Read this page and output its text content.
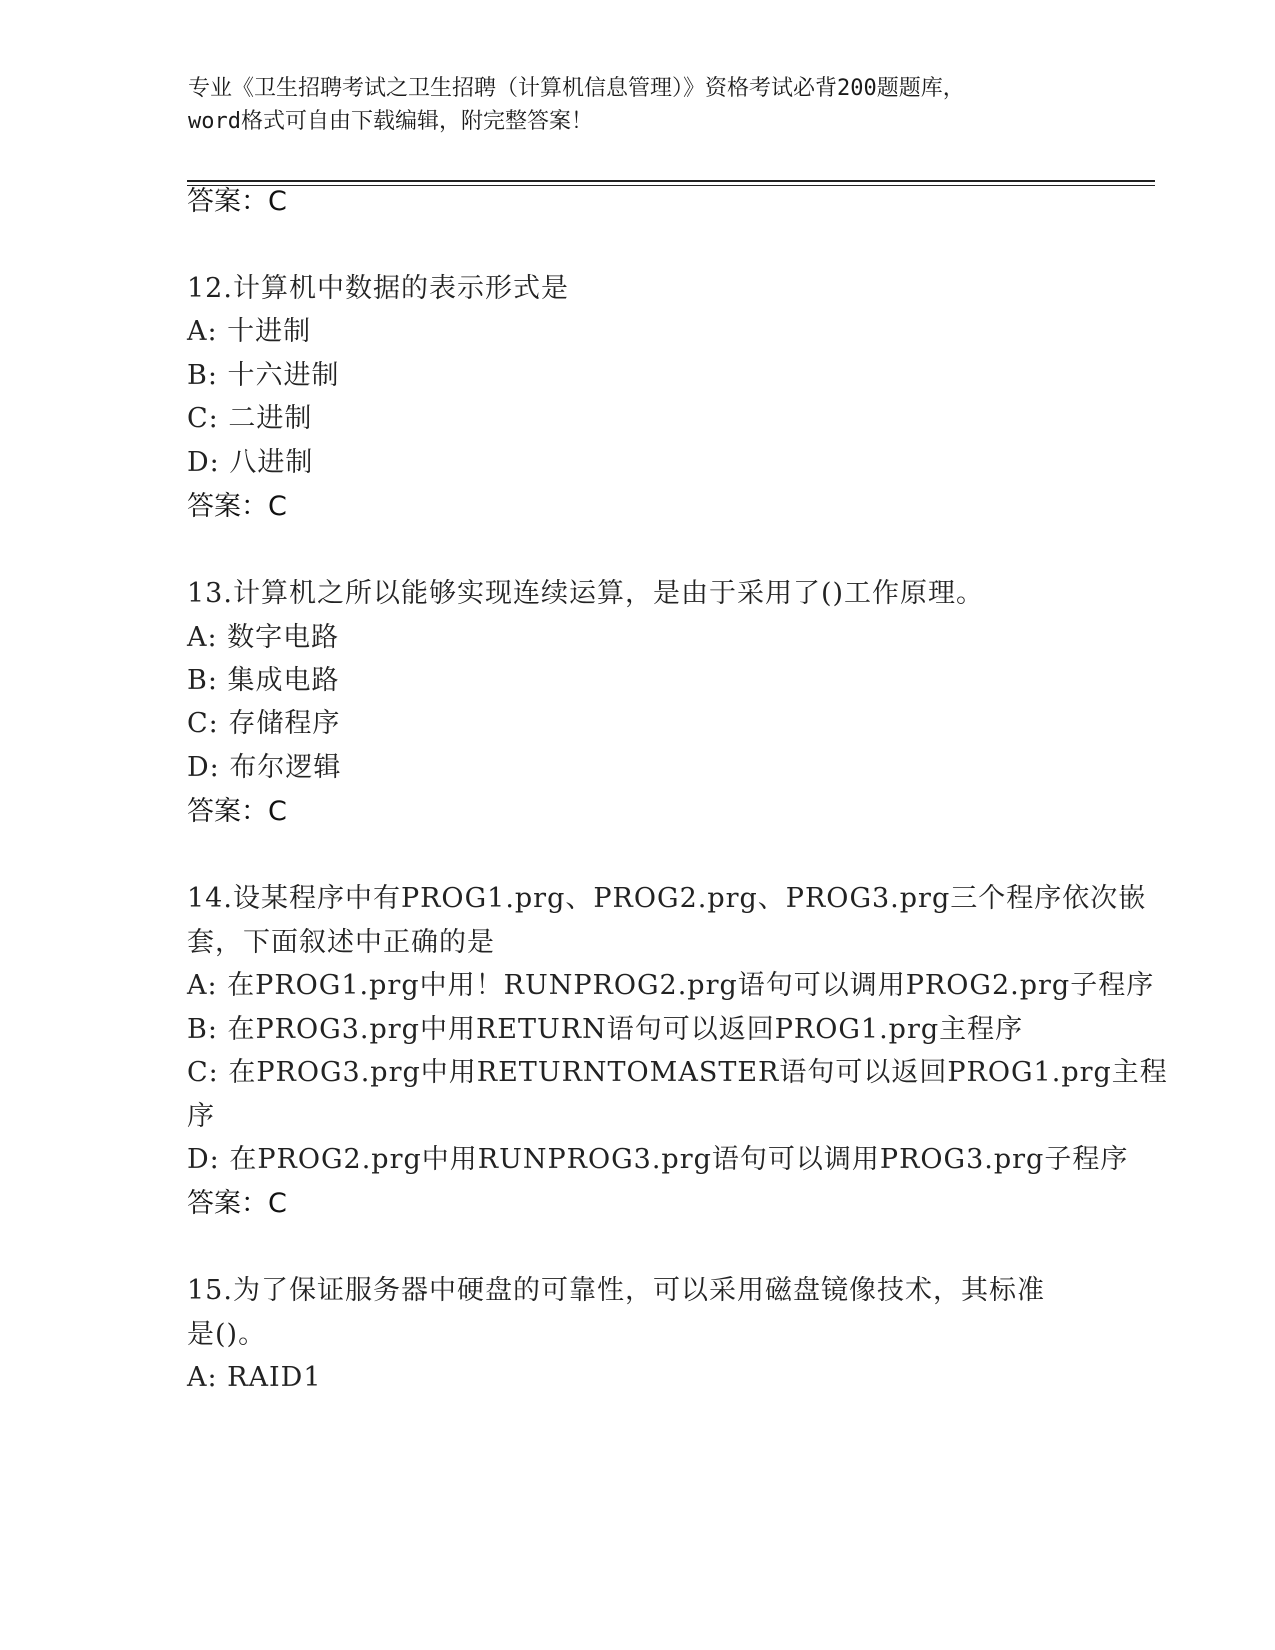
专业《卫生招聘考试之卫生招聘（计算机信息管理）》资格考试必背200题题库，
word格式可自由下载编辑，附完整答案！
答案：C
12.计算机中数据的表示形式是
A: 十进制
B: 十六进制
C: 二进制
D: 八进制
答案：C
13.计算机之所以能够实现连续运算，是由于采用了()工作原理。
A: 数字电路
B: 集成电路
C: 存储程序
D: 布尔逻辑
答案：C
14.设某程序中有PROG1.prg、PROG2.prg、PROG3.prg三个程序依次嵌
套，下面叙述中正确的是
A: 在PROG1.prg中用！RUNPROG2.prg语句可以调用PROG2.prg子程序
B: 在PROG3.prg中用RETURN语句可以返回PROG1.prg主程序
C: 在PROG3.prg中用RETURNTOMASTER语句可以返回PROG1.prg主程
序
D: 在PROG2.prg中用RUNPROG3.prg语句可以调用PROG3.prg子程序
答案：C
15.为了保证服务器中硬盘的可靠性，可以采用磁盘镜像技术，其标准
是()。
A: RAID1
